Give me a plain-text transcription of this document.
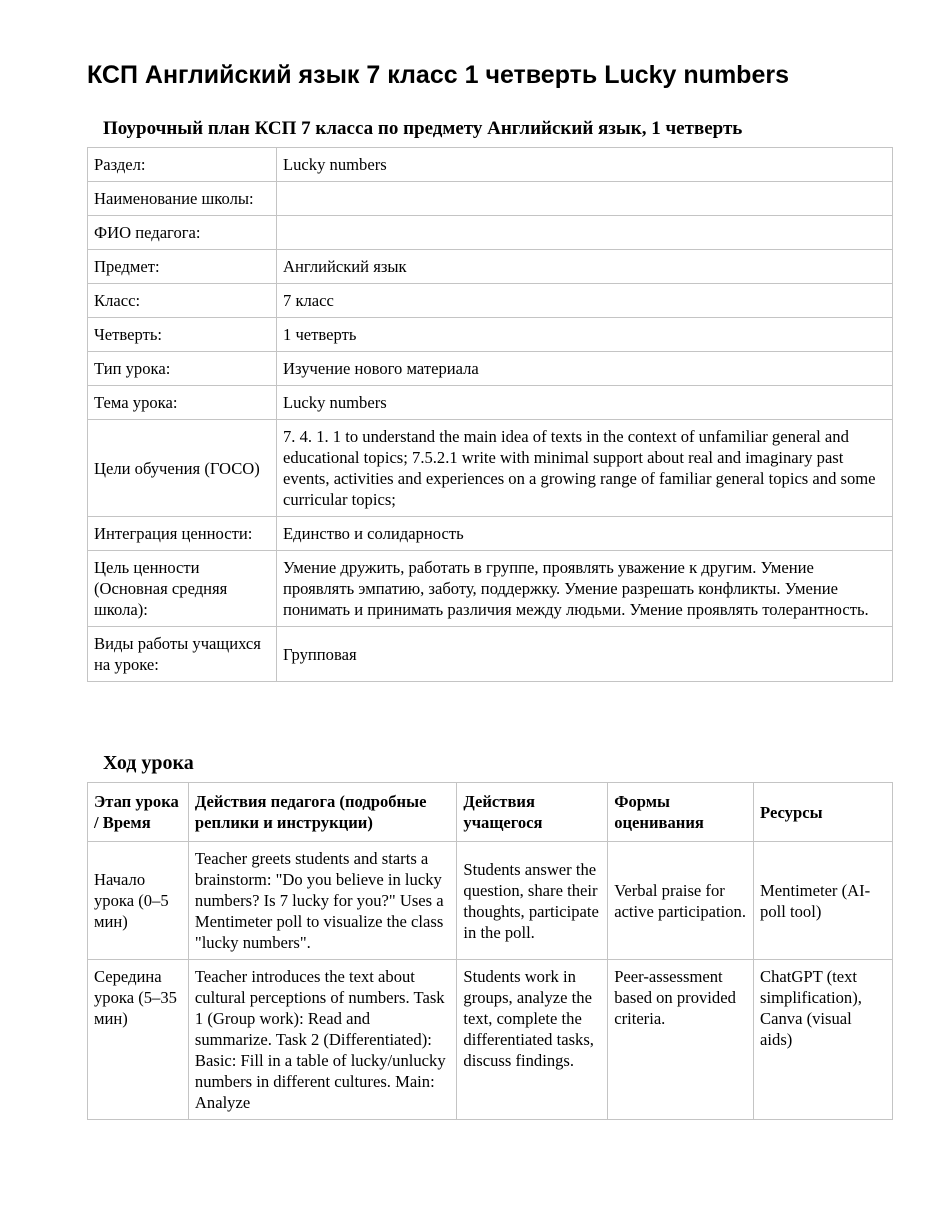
КСП Английский язык 7 класс 1 четверть Lucky numbers
Поурочный план КСП 7 класса по предмету Английский язык, 1 четверть
Раздел:	Lucky numbers
Наименование школы:	
ФИО педагога:	
Предмет:	Английский язык
Класс:	7 класс
Четверть:	1 четверть
Тип урока:	Изучение нового материала
Тема урока:	Lucky numbers
Цели обучения (ГОСО)	7. 4. 1. 1 to understand the main idea of texts in the context of unfamiliar general and educational topics; 7.5.2.1 write with minimal support about real and imaginary past events, activities and experiences on a growing range of familiar general topics and some curricular topics;
Интеграция ценности:	Единство и солидарность
Цель ценности (Основная средняя школа):	Умение дружить, работать в группе, проявлять уважение к другим. Умение проявлять эмпатию, заботу, поддержку. Умение разрешать конфликты. Умение понимать и принимать различия между людьми. Умение проявлять толерантность.
Виды работы учащихся на уроке:	Групповая
Ход урока
Этап урока / Время	Действия педагога (подробные реплики и инструкции)	Действия учащегося	Формы оценивания	Ресурсы
Начало урока (0–5 мин)	Teacher greets students and starts a brainstorm: "Do you believe in lucky numbers? Is 7 lucky for you?" Uses a Mentimeter poll to visualize the class "lucky numbers".	Students answer the question, share their thoughts, participate in the poll.	Verbal praise for active participation.	Mentimeter (AI-poll tool)
Середина урока (5–35 мин)	Teacher introduces the text about cultural perceptions of numbers. Task 1 (Group work): Read and summarize. Task 2 (Differentiated): Basic: Fill in a table of lucky/unlucky numbers in different cultures. Main: Analyze	Students work in groups, analyze the text, complete the differentiated tasks, discuss findings.	Peer-assessment based on provided criteria.	ChatGPT (text simplification), Canva (visual aids)
